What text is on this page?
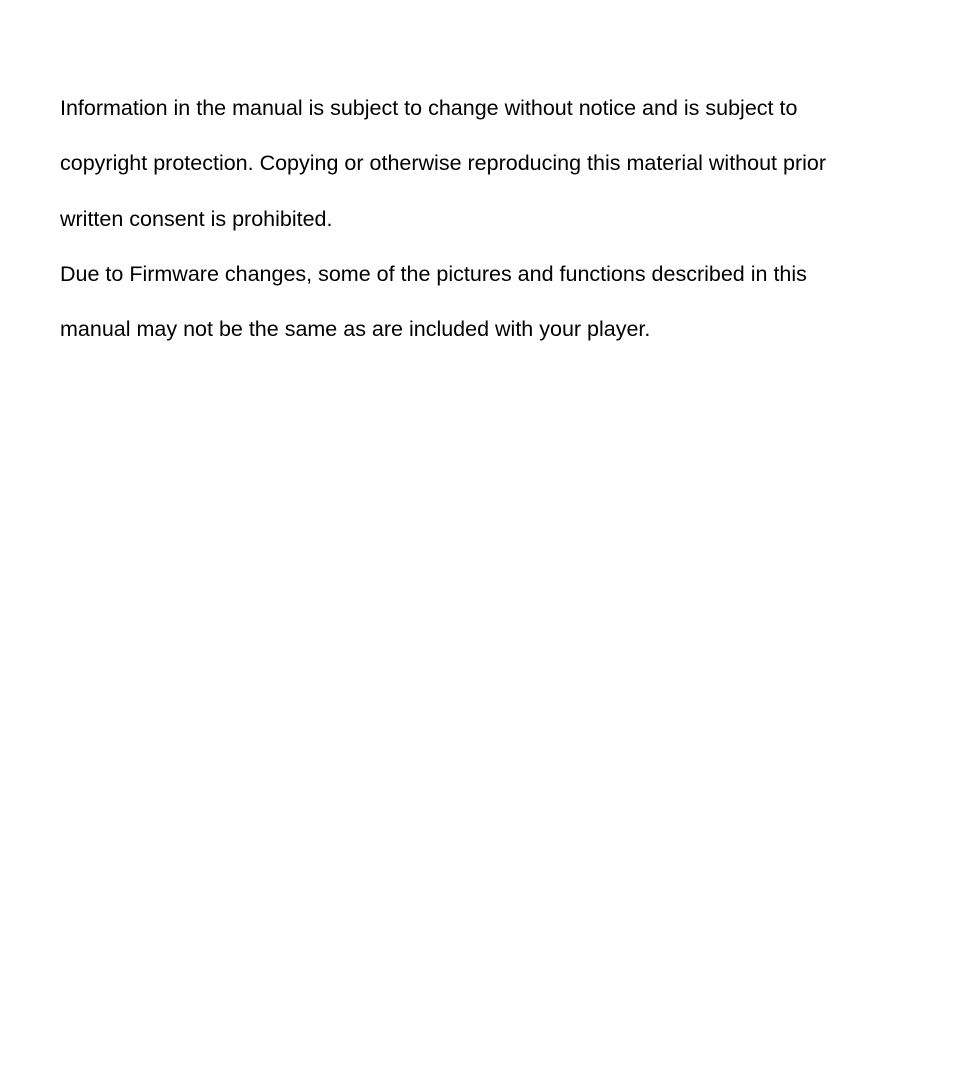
Information in the manual is subject to change without notice and is subject to
copyright protection. Copying or otherwise reproducing this material without prior
written consent is prohibited.

Due to Firmware changes, some of the pictures and functions described in this
manual may not be the same as are included with your player.
